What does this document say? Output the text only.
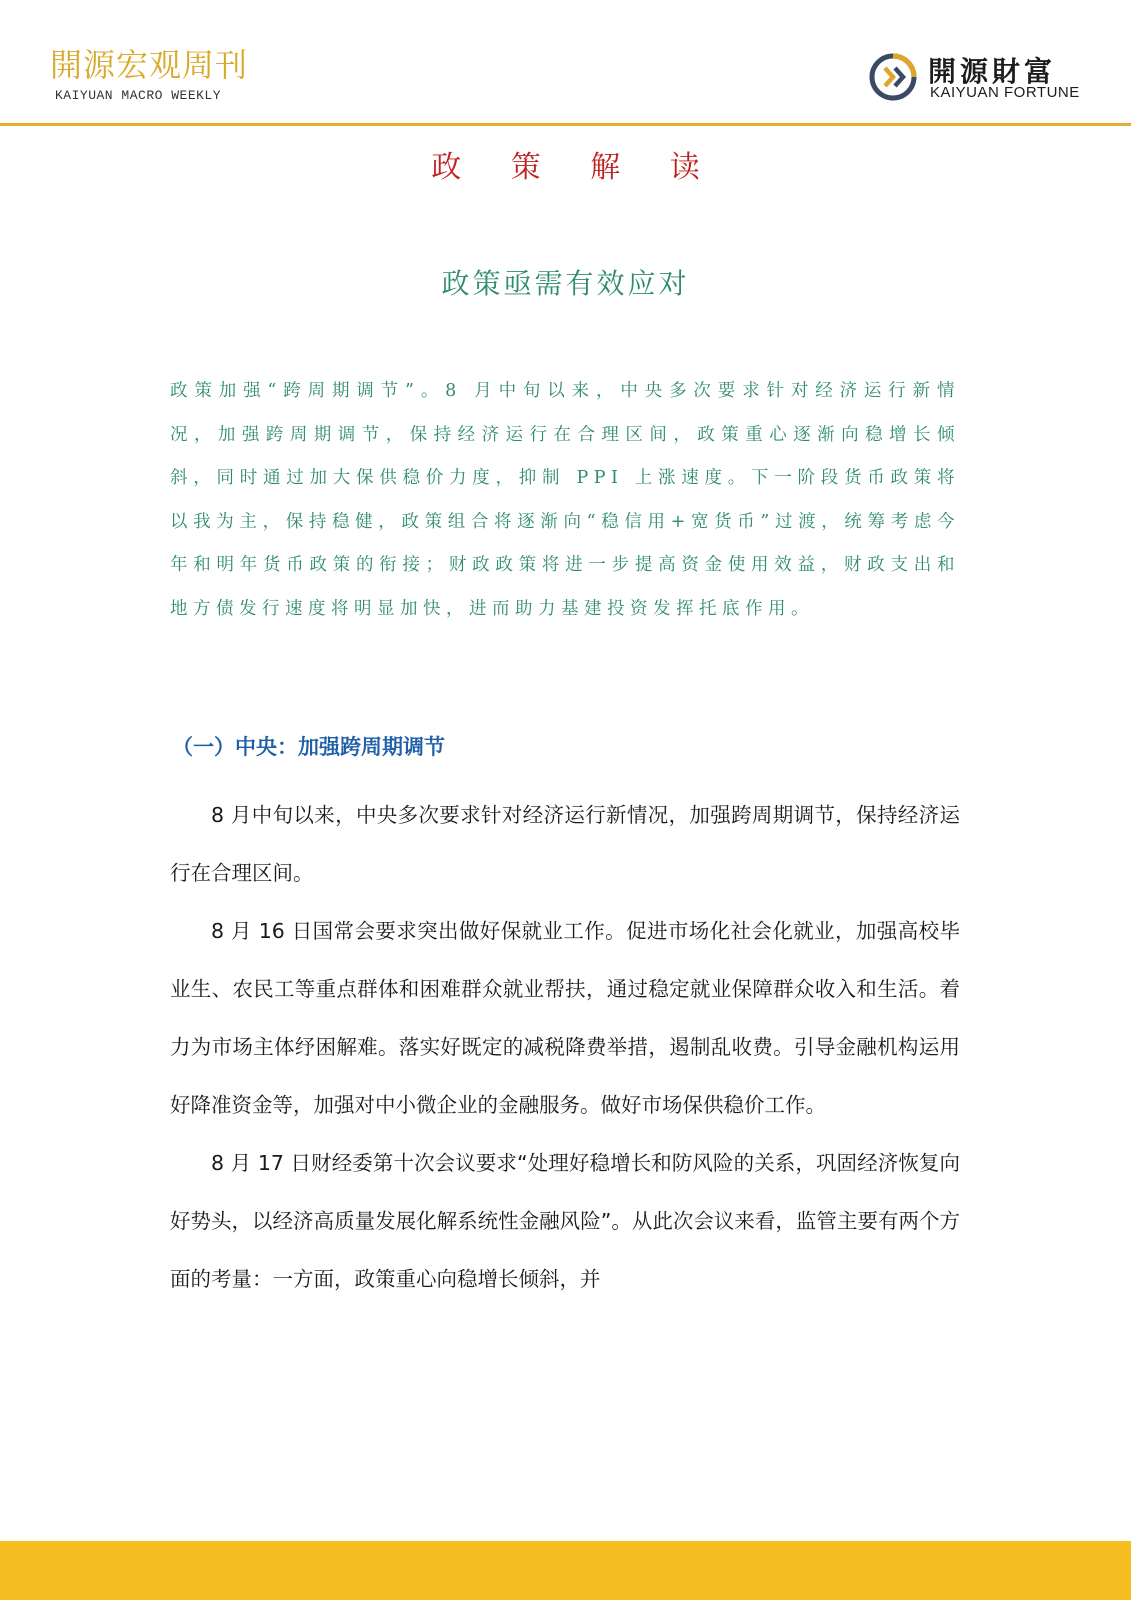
開源宏观周刊
KAIYUAN MACRO WEEKLY
開源財富
KAIYUAN FORTUNE
政 策 解 读
政策亟需有效应对

政策加强“跨周期调节”。8 月中旬以来，中央多次要求针对经济运行新情况，加强跨周期调节，保持经济运行在合理区间，政策重心逐渐向稳增长倾斜，同时通过加大保供稳价力度，抑制 PPI 上涨速度。下一阶段货币政策将以我为主，保持稳健，政策组合将逐渐向“稳信用+宽货币”过渡，统筹考虑今年和明年货币政策的衔接；财政政策将进一步提高资金使用效益，财政支出和地方债发行速度将明显加快，进而助力基建投资发挥托底作用。

（一）中央：加强跨周期调节

8 月中旬以来，中央多次要求针对经济运行新情况，加强跨周期调节，保持经济运行在合理区间。

8 月 16 日国常会要求突出做好保就业工作。促进市场化社会化就业，加强高校毕业生、农民工等重点群体和困难群众就业帮扶，通过稳定就业保障群众收入和生活。着力为市场主体纾困解难。落实好既定的减税降费举措，遏制乱收费。引导金融机构运用好降准资金等，加强对中小微企业的金融服务。做好市场保供稳价工作。

8 月 17 日财经委第十次会议要求“处理好稳增长和防风险的关系，巩固经济恢复向好势头，以经济高质量发展化解系统性金融风险”。从此次会议来看，监管主要有两个方面的考量：一方面，政策重心向稳增长倾斜，并
